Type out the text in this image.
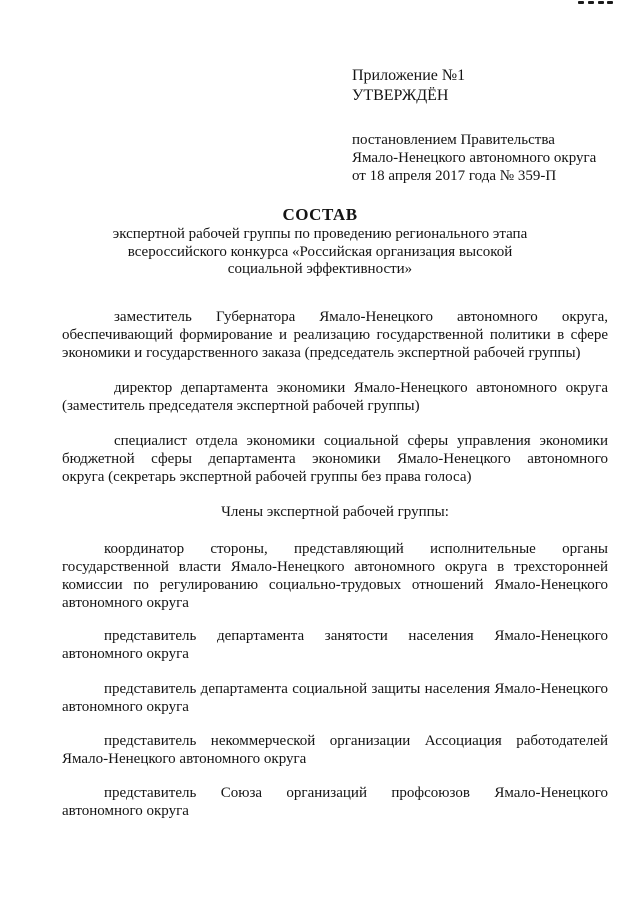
Приложение №1
УТВЕРЖДЁН
постановлением Правительства
Ямало-Ненецкого автономного округа
от 18 апреля 2017 года № 359-П
СОСТАВ
экспертной рабочей группы по проведению регионального этапа
всероссийского конкурса «Российская организация высокой
социальной эффективности»
заместитель Губернатора Ямало-Ненецкого автономного округа,
обеспечивающий формирование и реализацию государственной политики в сфере
экономики и государственного заказа (председатель экспертной рабочей группы)
директор департамента экономики Ямало-Ненецкого автономного округа
(заместитель председателя экспертной рабочей группы)
специалист отдела экономики социальной сферы управления экономики
бюджетной сферы департамента экономики Ямало-Ненецкого автономного
округа (секретарь экспертной рабочей группы без права голоса)
Члены экспертной рабочей группы:
координатор стороны, представляющий исполнительные органы
государственной власти Ямало-Ненецкого автономного округа в трехсторонней
комиссии по регулированию социально-трудовых отношений Ямало-Ненецкого
автономного округа
представитель департамента занятости населения Ямало-Ненецкого
автономного округа
представитель департамента социальной защиты населения Ямало-Ненецкого
автономного округа
представитель некоммерческой организации Ассоциация работодателей
Ямало-Ненецкого автономного округа
представитель Союза организаций профсоюзов Ямало-Ненецкого
автономного округа
